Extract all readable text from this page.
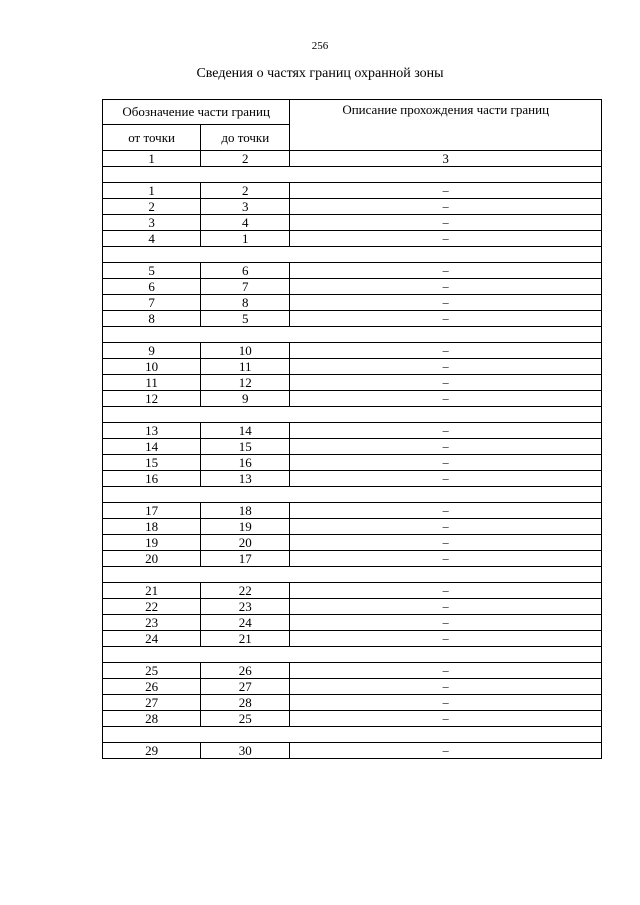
256
Сведения о частях границ охранной зоны
Обозначение части границ		Описание прохождения части границ
от точки	до точки	
1	2	3

1	2	–
2	3	–
3	4	–
4	1	–

5	6	–
6	7	–
7	8	–
8	5	–

9	10	–
10	11	–
11	12	–
12	9	–

13	14	–
14	15	–
15	16	–
16	13	–

17	18	–
18	19	–
19	20	–
20	17	–

21	22	–
22	23	–
23	24	–
24	21	–

25	26	–
26	27	–
27	28	–
28	25	–

29	30	–
